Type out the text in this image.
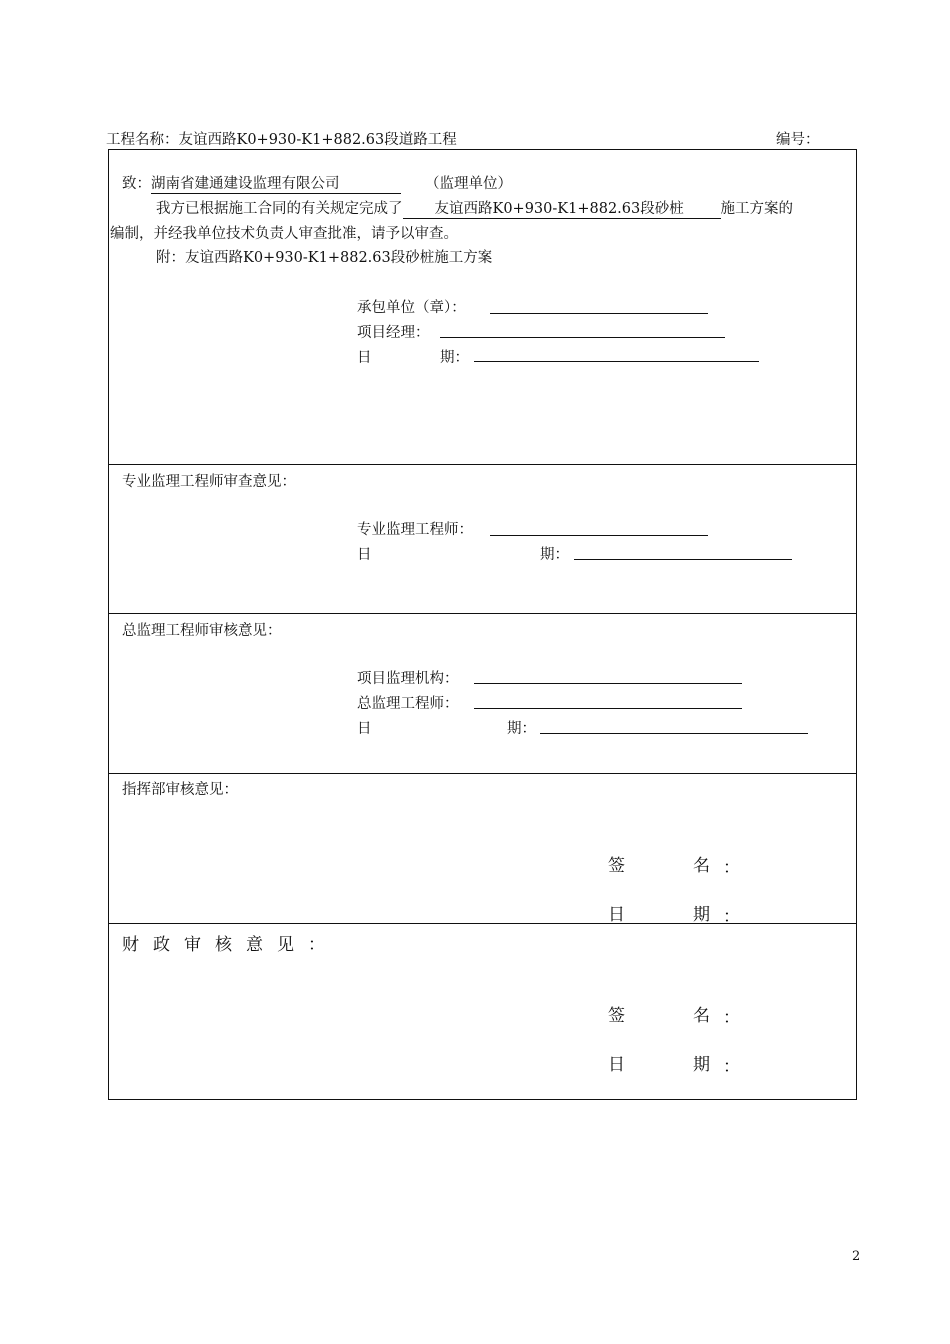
工程名称：友谊西路K0+930-K1+882.63段道路工程	编号：
致：湖南省建通建设监理有限公司	（监理单位）
我方已根据施工合同的有关规定完成了 友谊西路K0+930-K1+882.63段砂桩	施工方案的
编制，并经我单位技术负责人审查批准，请予以审查。
附：友谊西路K0+930-K1+882.63段砂桩施工方案
承包单位（章）：
项目经理：
日	期：
专业监理工程师审查意见：
专业监理工程师：
日	期：
总监理工程师审核意见：
项目监理机构：
总监理工程师：
日	期：
指挥部审核意见：
签	名 ：
日	期 ：
财政审核意见：
签	名 ：
日	期 ：
2
